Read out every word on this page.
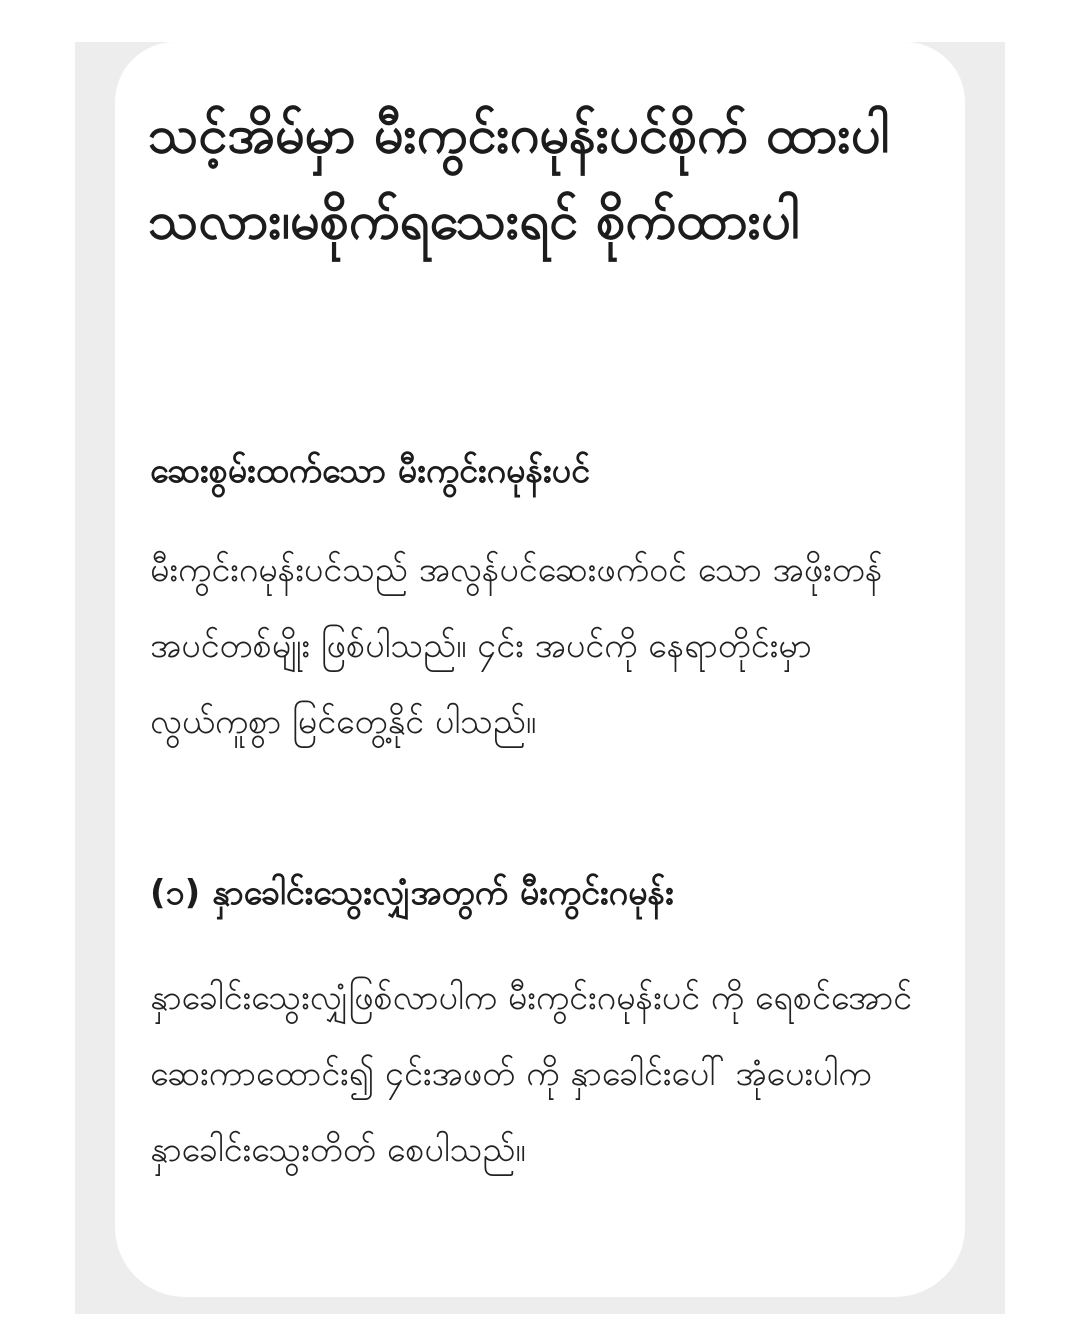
သင့်အိမ်မှာ မီးကွင်းဂမုန်းပင်စိုက် ထားပါသလား၊မစိုက်ရသေးရင် စိုက်ထားပါ
ဆေးစွမ်းထက်သော မီးကွင်းဂမုန်းပင်

မီးကွင်းဂမုန်းပင်သည် အလွန်ပင်ဆေးဖက်ဝင် သော အဖိုးတန်အပင်တစ်မျိုး ဖြစ်ပါသည်။ ၄င်း အပင်ကို နေရာတိုင်းမှာ လွယ်ကူစွာ မြင်တွေ့နိုင် ပါသည်။

(၁) နှာခေါင်းသွေးလျှံအတွက် မီးကွင်းဂမုန်း

နှာခေါင်းသွေးလျှံဖြစ်လာပါက မီးကွင်းဂမုန်းပင် ကို ရေစင်အောင်ဆေးကာထောင်း၍ ၄င်းအဖတ် ကို နှာခေါင်းပေါ် အုံပေးပါက နှာခေါင်းသွေးတိတ် စေပါသည်။
